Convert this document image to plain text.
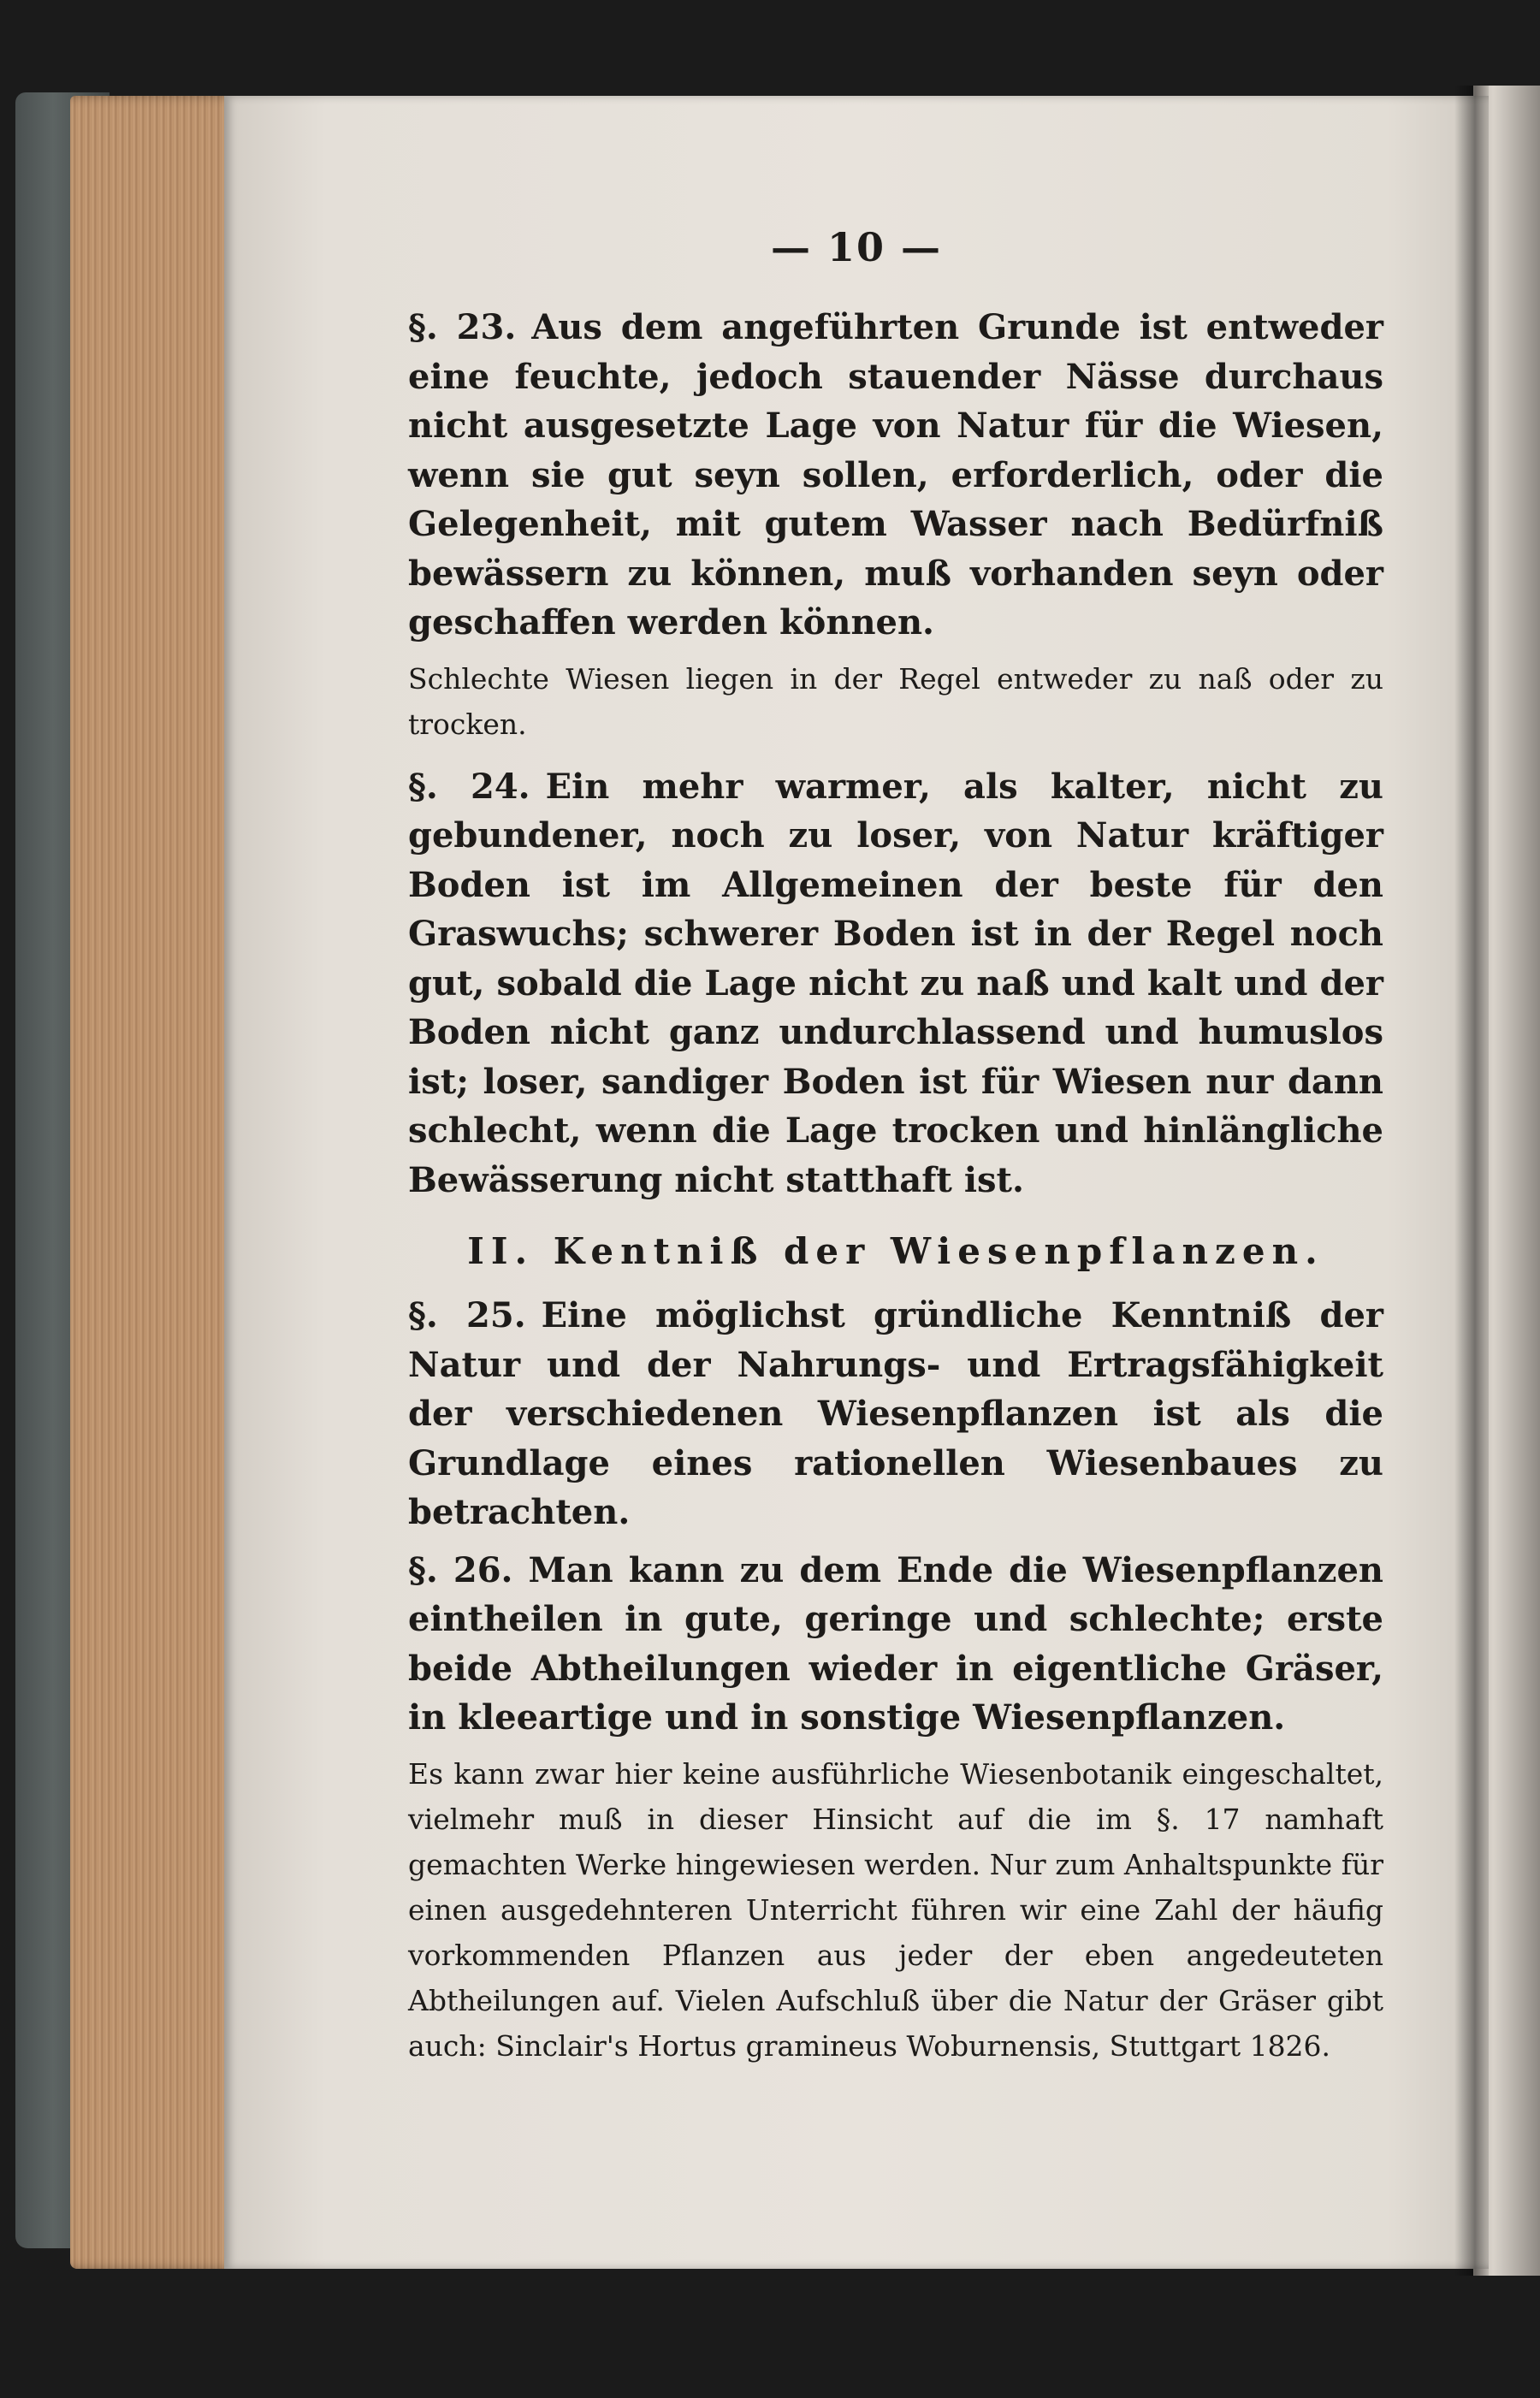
— 10 —

§. 23. Aus dem angeführten Grunde ist entweder eine feuchte, jedoch stauender Nässe durchaus nicht ausgesetzte Lage von Natur für die Wiesen, wenn sie gut seyn sollen, erforderlich, oder die Gelegenheit, mit gutem Wasser nach Bedürfniß bewässern zu können, muß vorhanden seyn oder geschaffen werden können.

Schlechte Wiesen liegen in der Regel entweder zu naß oder zu trocken.

§. 24. Ein mehr warmer, als kalter, nicht zu gebundener, noch zu loser, von Natur kräftiger Boden ist im Allgemeinen der beste für den Graswuchs; schwerer Boden ist in der Regel noch gut, sobald die Lage nicht zu naß und kalt und der Boden nicht ganz undurchlassend und humuslos ist; loser, sandiger Boden ist für Wiesen nur dann schlecht, wenn die Lage trocken und hinlängliche Bewässerung nicht statthaft ist.

II. Kentniß der Wiesenpflanzen.

§. 25. Eine möglichst gründliche Kenntniß der Natur und der Nahrungs- und Ertragsfähigkeit der verschiedenen Wiesenpflanzen ist als die Grundlage eines rationellen Wiesenbaues zu betrachten.

§. 26. Man kann zu dem Ende die Wiesenpflanzen eintheilen in gute, geringe und schlechte; erste beide Abtheilungen wieder in eigentliche Gräser, in kleeartige und in sonstige Wiesenpflanzen.

Es kann zwar hier keine ausführliche Wiesenbotanik eingeschaltet, vielmehr muß in dieser Hinsicht auf die im §. 17 namhaft gemachten Werke hingewiesen werden. Nur zum Anhaltspunkte für einen ausgedehnteren Unterricht führen wir eine Zahl der häufig vorkommenden Pflanzen aus jeder der eben angedeuteten Abtheilungen auf. Vielen Aufschluß über die Natur der Gräser gibt auch: Sinclair's Hortus gramineus Woburnensis, Stuttgart 1826.
